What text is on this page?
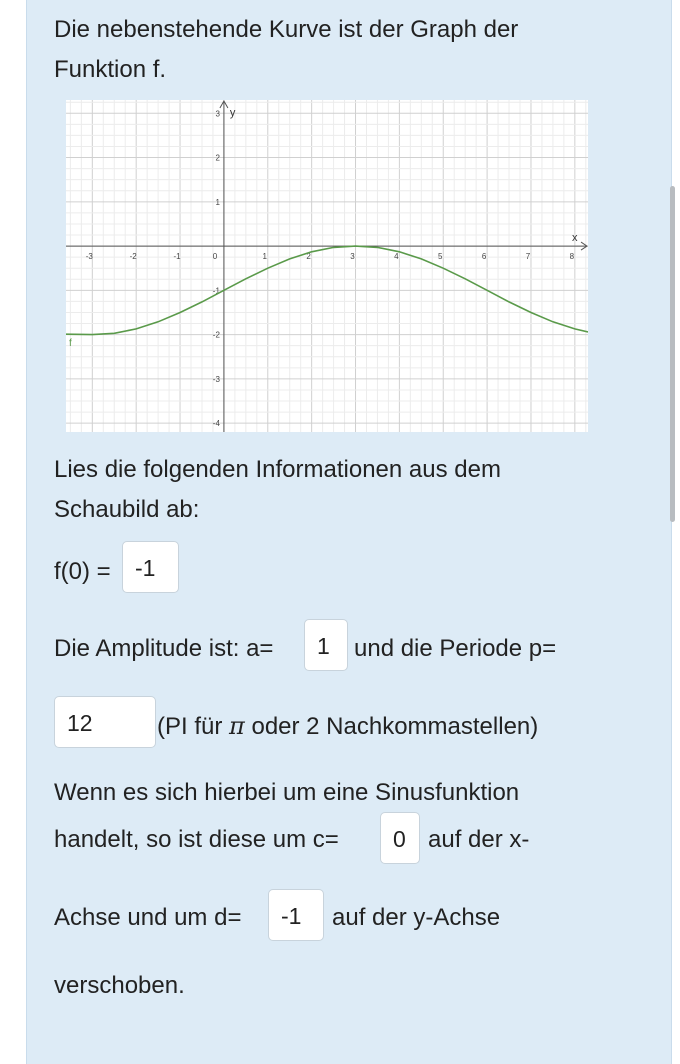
Die nebenstehende Kurve ist der Graph der
Funktion f.
x
y
-3	-2	-1	0	1	2	3	4	5	6	7	8
3
2
1
-1
-2
-3
-4
f
Lies die folgenden Informationen aus dem
Schaubild ab:
f(0) =	-1
Die Amplitude ist: a=	1	und die Periode p=
12	(PI für π oder 2 Nachkommastellen)
Wenn es sich hierbei um eine Sinusfunktion
handelt, so ist diese um c=	0 auf der x-
Achse und um d=	-1	auf der y-Achse
verschoben.
